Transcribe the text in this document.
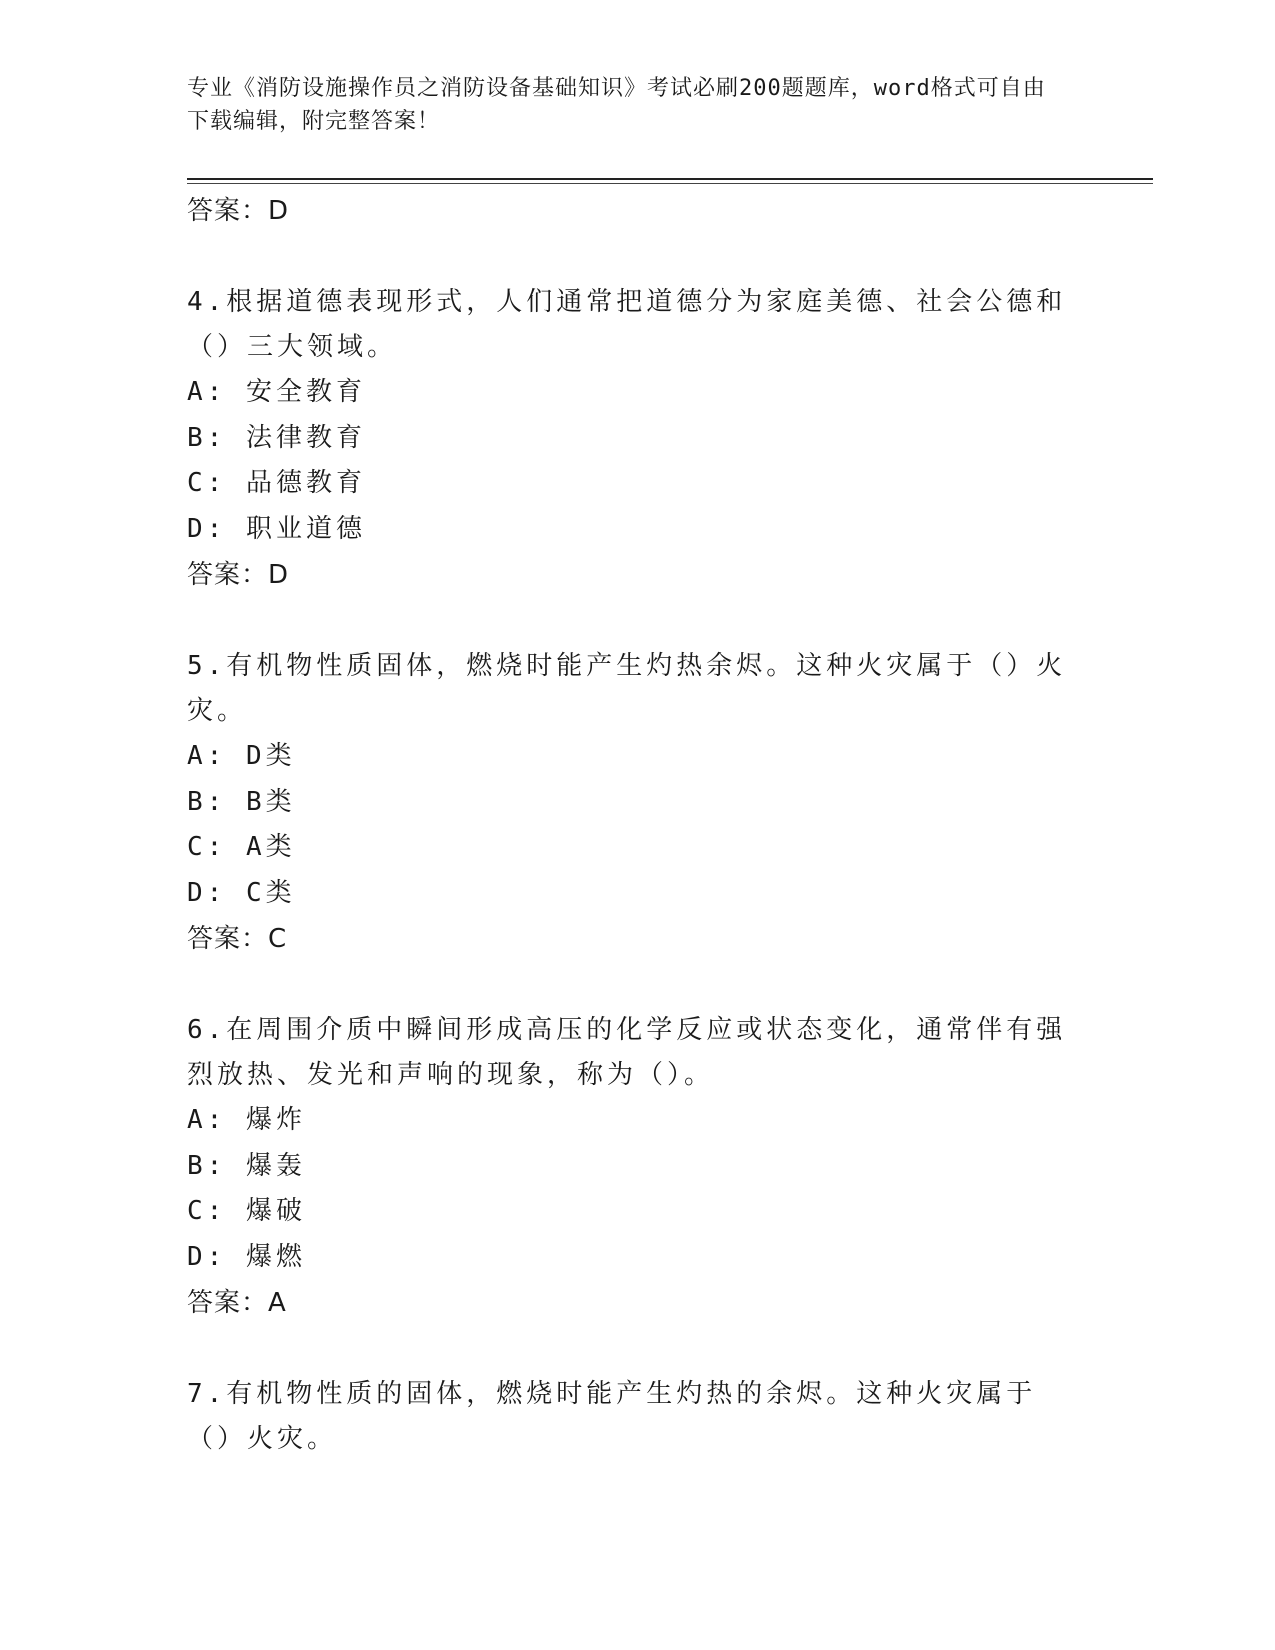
专业《消防设施操作员之消防设备基础知识》考试必刷200题题库，word格式可自由下载编辑，附完整答案！
答案：D
4.根据道德表现形式，人们通常把道德分为家庭美德、社会公德和（）三大领域。
A: 安全教育
B: 法律教育
C: 品德教育
D: 职业道德
答案：D
5.有机物性质固体，燃烧时能产生灼热余烬。这种火灾属于（）火灾。
A: D类
B: B类
C: A类
D: C类
答案：C
6.在周围介质中瞬间形成高压的化学反应或状态变化，通常伴有强烈放热、发光和声响的现象，称为（）。
A: 爆炸
B: 爆轰
C: 爆破
D: 爆燃
答案：A
7.有机物性质的固体，燃烧时能产生灼热的余烬。这种火灾属于（）火灾。
